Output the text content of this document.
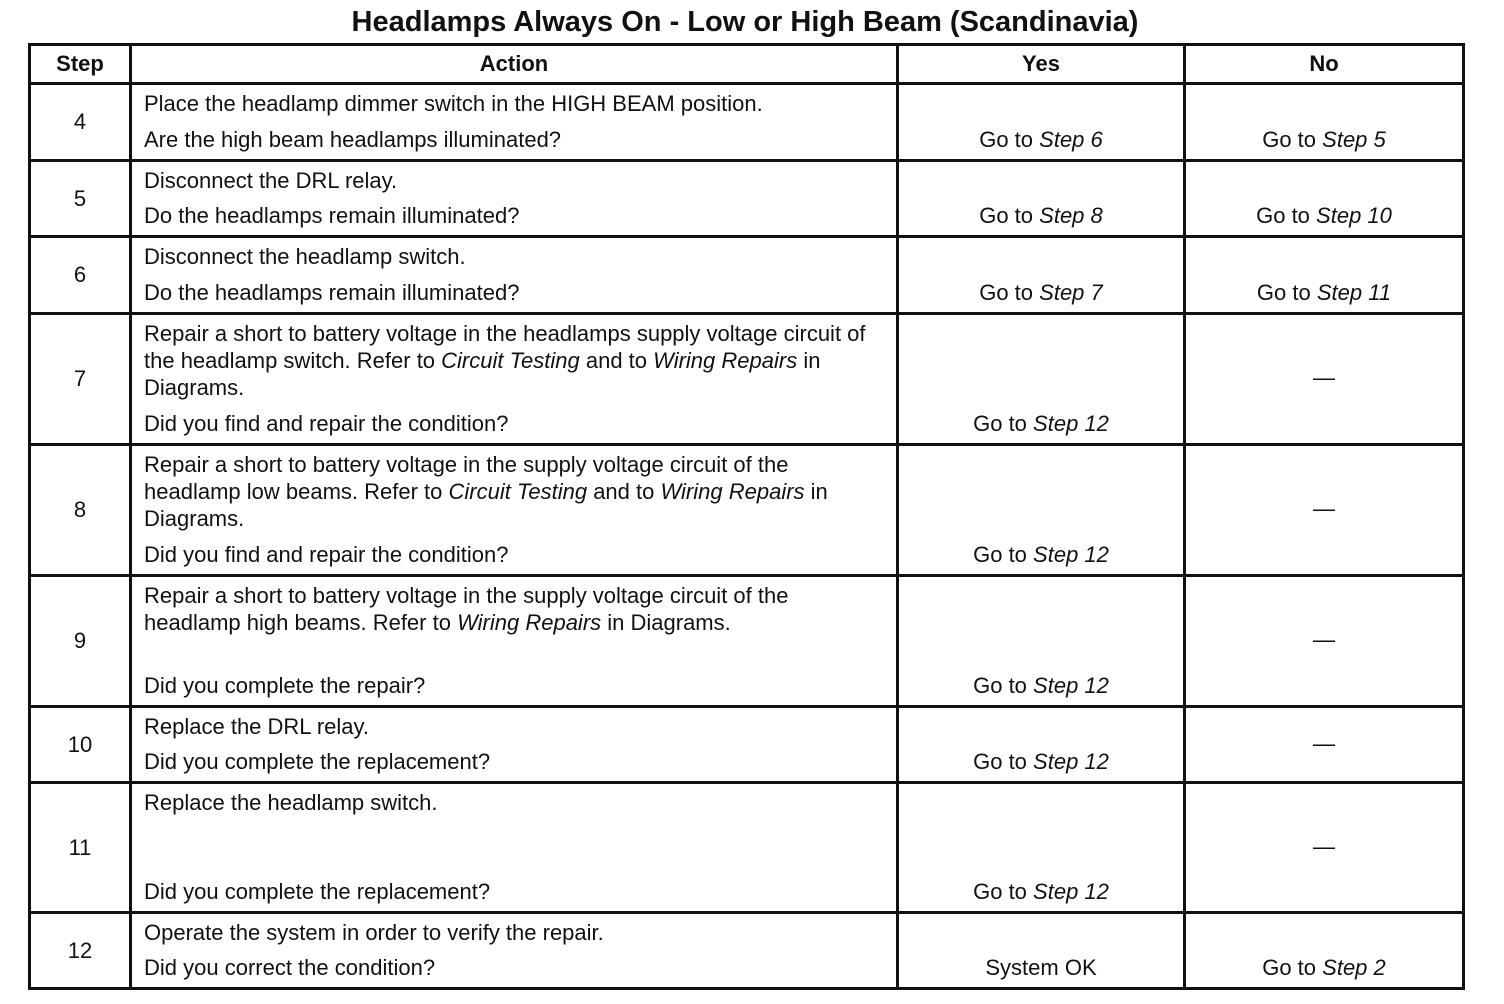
Headlamps Always On - Low or High Beam (Scandinavia)
Step	Action	Yes	No
4	Place the headlamp dimmer switch in the HIGH BEAM position.
Are the high beam headlamps illuminated?	Go to Step 6	Go to Step 5

5	Disconnect the DRL relay.
Do the headlamps remain illuminated?	Go to Step 8	Go to Step 10

6	Disconnect the headlamp switch.
Do the headlamps remain illuminated?	Go to Step 7	Go to Step 11

7	Repair a short to battery voltage in the headlamps supply voltage circuit of the headlamp switch. Refer to Circuit Testing and to Wiring Repairs in Diagrams.
Did you find and repair the condition?	Go to Step 12	—

8	Repair a short to battery voltage in the supply voltage circuit of the headlamp low beams. Refer to Circuit Testing and to Wiring Repairs in Diagrams.
Did you find and repair the condition?	Go to Step 12	—

9	Repair a short to battery voltage in the supply voltage circuit of the headlamp high beams. Refer to Wiring Repairs in Diagrams.
Did you complete the repair?	Go to Step 12	—

10	Replace the DRL relay.
Did you complete the replacement?	Go to Step 12	—

11	Replace the headlamp switch.
Did you complete the replacement?	Go to Step 12	—

12	Operate the system in order to verify the repair.
Did you correct the condition?	System OK	Go to Step 2
